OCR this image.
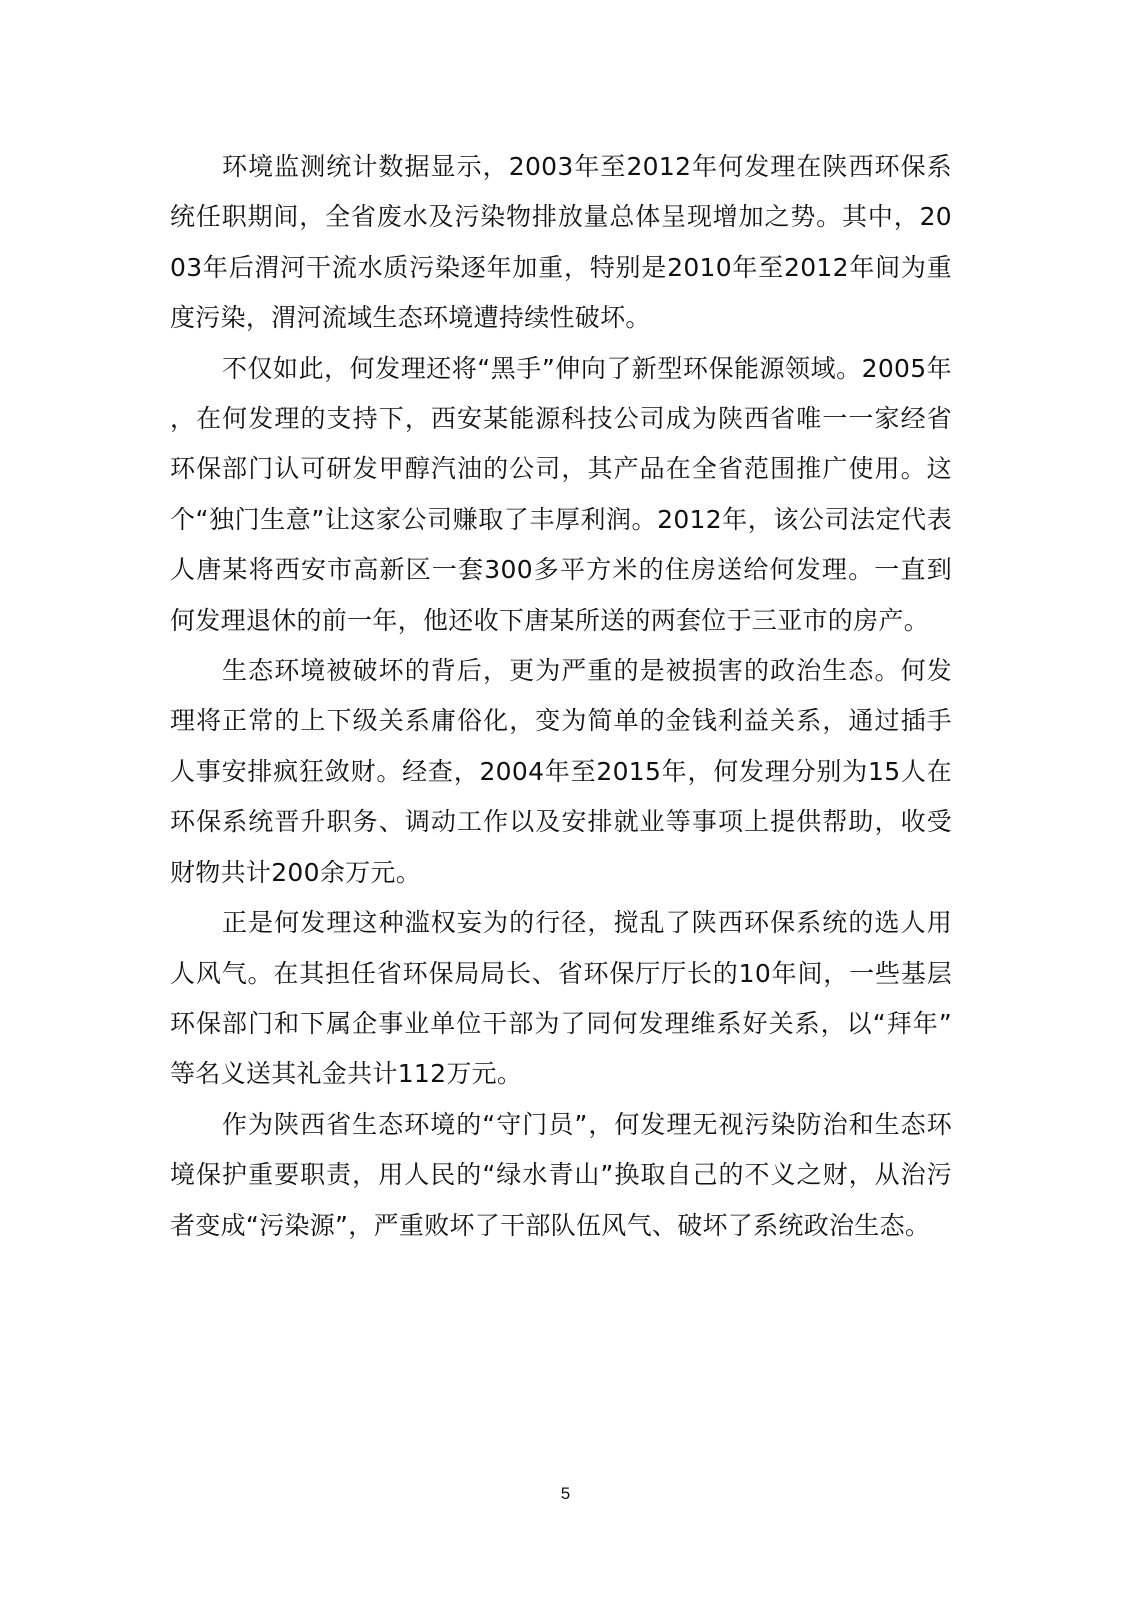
环境监测统计数据显示，2003年至2012年何发理在陕西环保系统任职期间，全省废水及污染物排放量总体呈现增加之势。其中，2003年后渭河干流水质污染逐年加重，特别是2010年至2012年间为重度污染，渭河流域生态环境遭持续性破坏。

不仅如此，何发理还将“黑手”伸向了新型环保能源领域。2005年，在何发理的支持下，西安某能源科技公司成为陕西省唯一一家经省环保部门认可研发甲醇汽油的公司，其产品在全省范围推广使用。这个“独门生意”让这家公司赚取了丰厚利润。2012年，该公司法定代表人唐某将西安市高新区一套300多平方米的住房送给何发理。一直到何发理退休的前一年，他还收下唐某所送的两套位于三亚市的房产。

生态环境被破坏的背后，更为严重的是被损害的政治生态。何发理将正常的上下级关系庸俗化，变为简单的金钱利益关系，通过插手人事安排疯狂敛财。经查，2004年至2015年，何发理分别为15人在环保系统晋升职务、调动工作以及安排就业等事项上提供帮助，收受财物共计200余万元。

正是何发理这种滥权妄为的行径，搅乱了陕西环保系统的选人用人风气。在其担任省环保局局长、省环保厅厅长的10年间，一些基层环保部门和下属企事业单位干部为了同何发理维系好关系，以“拜年”等名义送其礼金共计112万元。

作为陕西省生态环境的“守门员”，何发理无视污染防治和生态环境保护重要职责，用人民的“绿水青山”换取自己的不义之财，从治污者变成“污染源”，严重败坏了干部队伍风气、破坏了系统政治生态。

5
